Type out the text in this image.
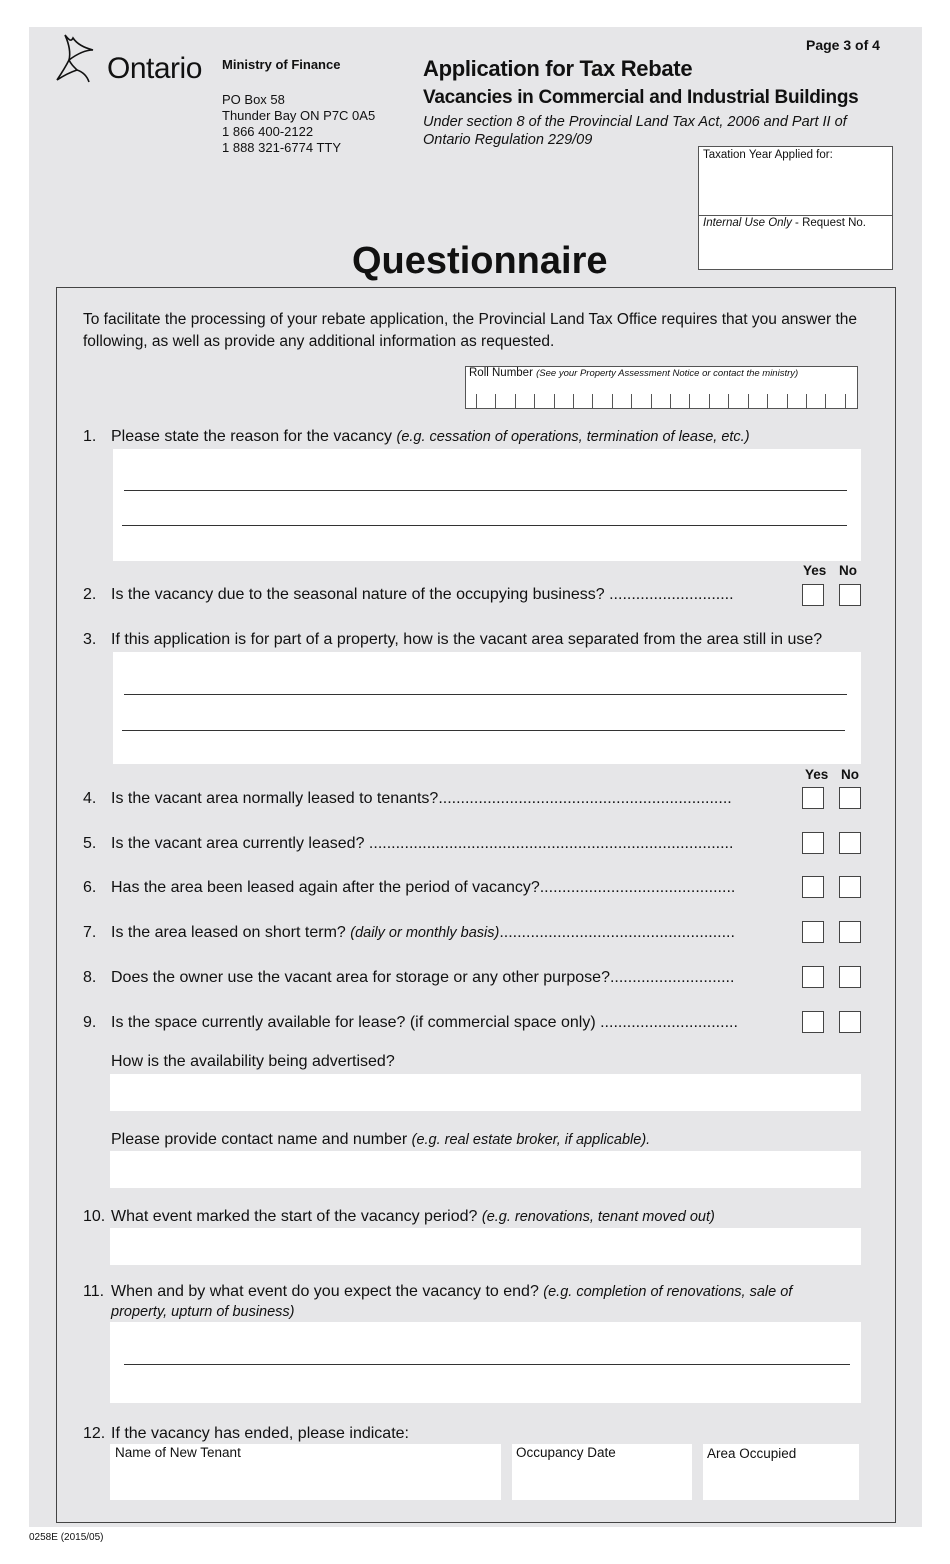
Page 3 of 4
Ontario Ministry of Finance
PO Box 58
Thunder Bay ON P7C 0A5
1 866 400-2122
1 888 321-6774 TTY
Application for Tax Rebate
Vacancies in Commercial and Industrial Buildings
Under section 8 of the Provincial Land Tax Act, 2006 and Part II of Ontario Regulation 229/09
Taxation Year Applied for:
Internal Use Only - Request No.
Questionnaire
To facilitate the processing of your rebate application, the Provincial Land Tax Office requires that you answer the following, as well as provide any additional information as requested.
Roll Number (See your Property Assessment Notice or contact the ministry)
1. Please state the reason for the vacancy (e.g. cessation of operations, termination of lease, etc.)
Yes No
2. Is the vacancy due to the seasonal nature of the occupying business? ............................
3. If this application is for part of a property, how is the vacant area separated from the area still in use?
Yes No
4. Is the vacant area normally leased to tenants?..................................................................
5. Is the vacant area currently leased? ..................................................................................
6. Has the area been leased again after the period of vacancy?............................................
7. Is the area leased on short term? (daily or monthly basis).....................................................
8. Does the owner use the vacant area for storage or any other purpose?............................
9. Is the space currently available for lease? (if commercial space only) ...............................
How is the availability being advertised?
Please provide contact name and number (e.g. real estate broker, if applicable).
10. What event marked the start of the vacancy period? (e.g. renovations, tenant moved out)
11. When and by what event do you expect the vacancy to end? (e.g. completion of renovations, sale of
property, upturn of business)
12. If the vacancy has ended, please indicate:
Name of New Tenant	Occupancy Date	Area Occupied
0258E (2015/05)
